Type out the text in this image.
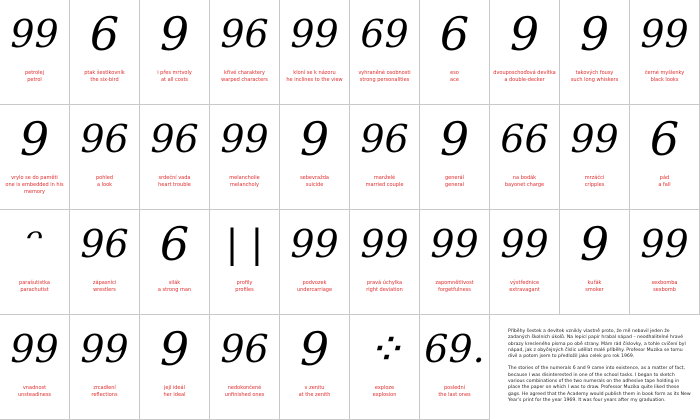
99
petrolej
petrol
6
ptak šestikovník
the six-bird
9
i přes mrtvoly
at all costs
96
křivé charaktery
warped characters
99
kloní se k názoru
he inclines to the view
69
vyhraněné osobnosti
strong personalities
6
eso
ace
9
dvouposchoďová devítka
a double-decker
9
takových fousy
such long whiskers
99
černé myšlenky
black looks
9
vrylo se do paměti
one is embedded in his memory
96
pohled
a look
96
srdeční vada
heart trouble
99
melancholie
melancholy
9
sebevražda
suicide
96
manželé
married couple
9
generál
general
66
na bodák
bayonet charge
99
mrzáčci
cripples
6
pád
a fall
ᵔ
parašutistka
parachutist
96
zápasníci
wrestlers
6
silák
a strong man
| |
profily
profiles
99
podvozek
undercarriage
99
pravá úchylka
right deviation
99
zapomnětlivost
forgetfulness
99
výstřednice
extravagant
9
kuřák
smoker
99
sexbomba
sexbomb
99
vnadnost
unsteadiness
99
zrcadlení
reflections
9
její ideál
her ideal
96
nedokončené
unfinished ones
9
v zenitu
at the zenith
⁘
exploze
explosion
69.
poslední
the last ones

Příběhy šestek a devítek vznikly vlastně proto, že mě nebavil jeden že zadaných školních úkolů. Na lepicí papír hrabal nápad – neodhalitelné hravé obrazy kresleného písma po obě strany. Mám rád číslovky, a tohle cvičení byl nápad, jak z obyčejných číslic udělat malé příběhy. Profesor Muzika se tomu divil a potom jsem to předložil jako celek pro rok 1969.

The stories of the numerals 6 and 9 came into existence, as a matter of fact, because I was disinterested in one of the school tasks. I began to sketch various combinations of the two numerals on the adhesive tape holding in place the paper on which I was to draw. Professor Muzika quite liked these gags. He agreed that the Academy would publish them in book form as its New Year's print for the year 1969. It was four years after my graduation.
